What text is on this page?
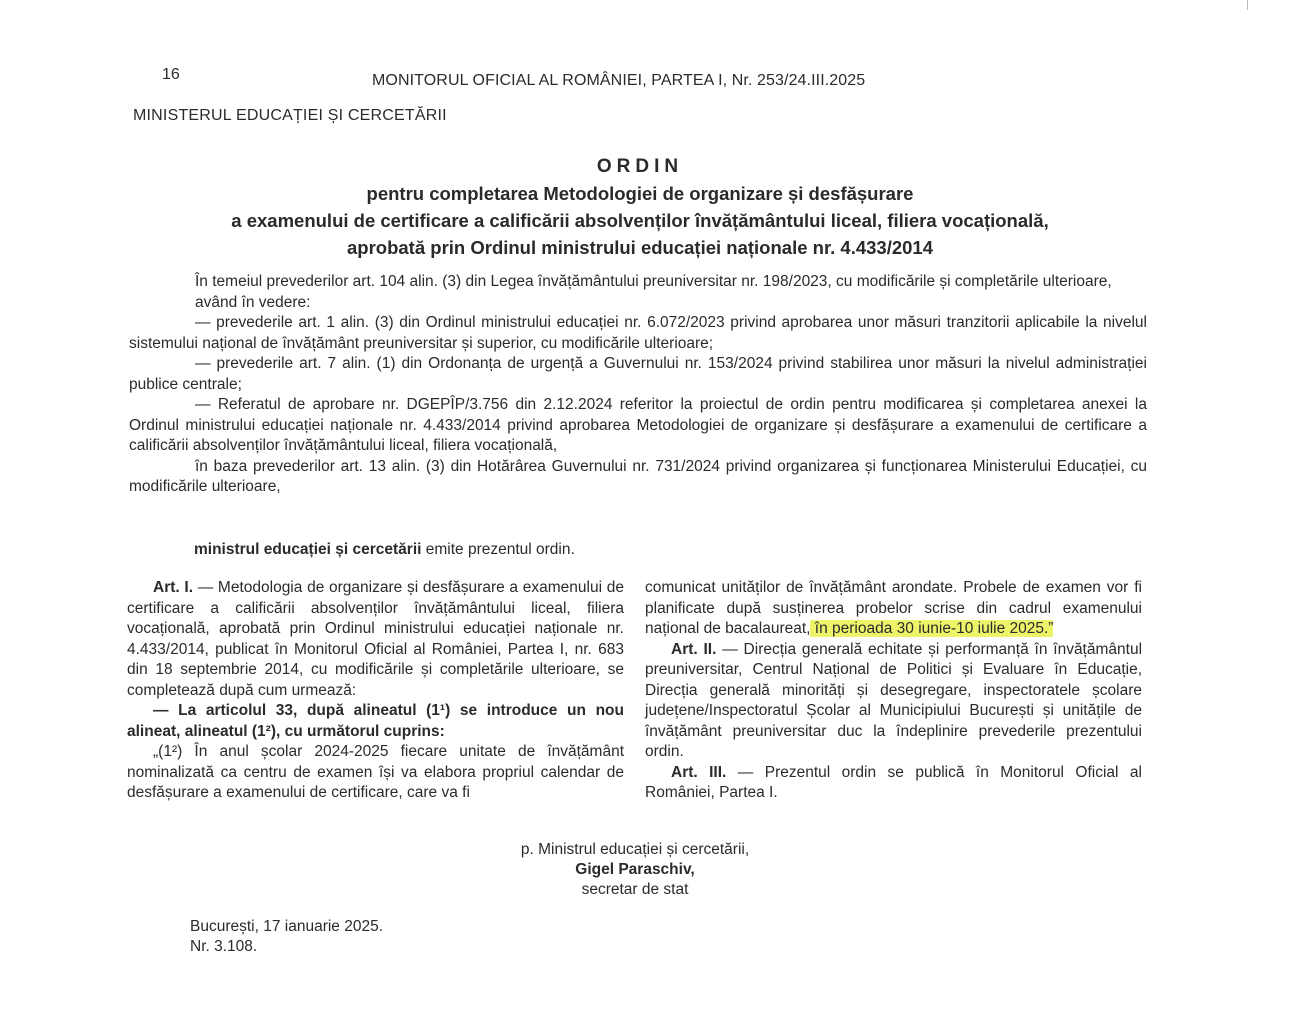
16	MONITORUL OFICIAL AL ROMÂNIEI, PARTEA I, Nr. 253/24.III.2025
MINISTERUL EDUCAȚIEI ȘI CERCETĂRII
ORDIN
pentru completarea Metodologiei de organizare și desfășurare
a examenului de certificare a calificării absolvenților învățământului liceal, filiera vocațională,
aprobată prin Ordinul ministrului educației naționale nr. 4.433/2014

În temeiul prevederilor art. 104 alin. (3) din Legea învățământului preuniversitar nr. 198/2023, cu modificările și completările ulterioare,

având în vedere:

— prevederile art. 1 alin. (3) din Ordinul ministrului educației nr. 6.072/2023 privind aprobarea unor măsuri tranzitorii aplicabile la nivelul sistemului național de învățământ preuniversitar și superior, cu modificările ulterioare;

— prevederile art. 7 alin. (1) din Ordonanța de urgență a Guvernului nr. 153/2024 privind stabilirea unor măsuri la nivelul administrației publice centrale;

— Referatul de aprobare nr. DGEPÎP/3.756 din 2.12.2024 referitor la proiectul de ordin pentru modificarea și completarea anexei la Ordinul ministrului educației naționale nr. 4.433/2014 privind aprobarea Metodologiei de organizare și desfășurare a examenului de certificare a calificării absolvenților învățământului liceal, filiera vocațională,

în baza prevederilor art. 13 alin. (3) din Hotărârea Guvernului nr. 731/2024 privind organizarea și funcționarea Ministerului Educației, cu modificările ulterioare,

ministrul educației și cercetării emite prezentul ordin.

Art. I. — Metodologia de organizare și desfășurare a examenului de certificare a calificării absolvenților învățământului liceal, filiera vocațională, aprobată prin Ordinul ministrului educației naționale nr. 4.433/2014, publicat în Monitorul Oficial al României, Partea I, nr. 683 din 18 septembrie 2014, cu modificările și completările ulterioare, se completează după cum urmează:

— La articolul 33, după alineatul (1¹) se introduce un nou alineat, alineatul (1²), cu următorul cuprins:

„(1²) În anul școlar 2024-2025 fiecare unitate de învățământ nominalizată ca centru de examen își va elabora propriul calendar de desfășurare a examenului de certificare, care va fi

comunicat unităților de învățământ arondate. Probele de examen vor fi planificate după susținerea probelor scrise din cadrul examenului național de bacalaureat, în perioada 30 iunie-10 iulie 2025.”

Art. II. — Direcția generală echitate și performanță în învățământul preuniversitar, Centrul Național de Politici și Evaluare în Educație, Direcția generală minorități și desegregare, inspectoratele școlare județene/Inspectoratul Școlar al Municipiului București și unitățile de învățământ preuniversitar duc la îndeplinire prevederile prezentului ordin.

Art. III. — Prezentul ordin se publică în Monitorul Oficial al României, Partea I.

p. Ministrul educației și cercetării,
Gigel Paraschiv,
secretar de stat
București, 17 ianuarie 2025.
Nr. 3.108.
